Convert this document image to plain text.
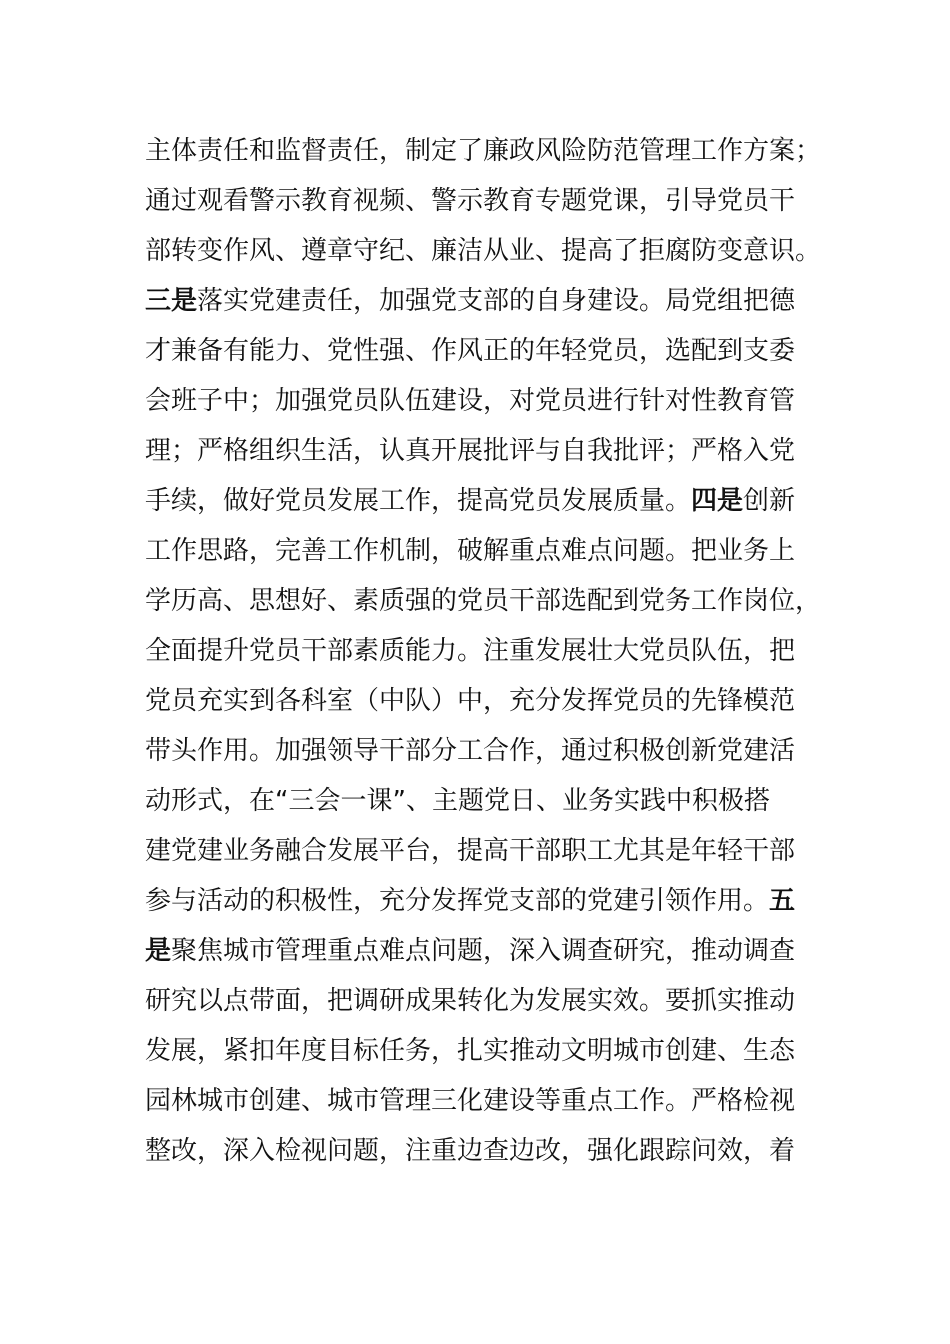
主体责任和监督责任，制定了廉政风险防范管理工作方案；
通过观看警示教育视频、警示教育专题党课，引导党员干
部转变作风、遵章守纪、廉洁从业、提高了拒腐防变意识。
三是落实党建责任，加强党支部的自身建设。局党组把德
才兼备有能力、党性强、作风正的年轻党员，选配到支委
会班子中；加强党员队伍建设，对党员进行针对性教育管
理；严格组织生活，认真开展批评与自我批评；严格入党
手续，做好党员发展工作，提高党员发展质量。四是创新
工作思路，完善工作机制，破解重点难点问题。把业务上
学历高、思想好、素质强的党员干部选配到党务工作岗位，
全面提升党员干部素质能力。注重发展壮大党员队伍，把
党员充实到各科室（中队）中，充分发挥党员的先锋模范
带头作用。加强领导干部分工合作，通过积极创新党建活
动形式，在“三会一课”、主题党日、业务实践中积极搭
建党建业务融合发展平台，提高干部职工尤其是年轻干部
参与活动的积极性，充分发挥党支部的党建引领作用。五
是聚焦城市管理重点难点问题，深入调查研究，推动调查
研究以点带面，把调研成果转化为发展实效。要抓实推动
发展，紧扣年度目标任务，扎实推动文明城市创建、生态
园林城市创建、城市管理三化建设等重点工作。严格检视
整改，深入检视问题，注重边查边改，强化跟踪问效，着
